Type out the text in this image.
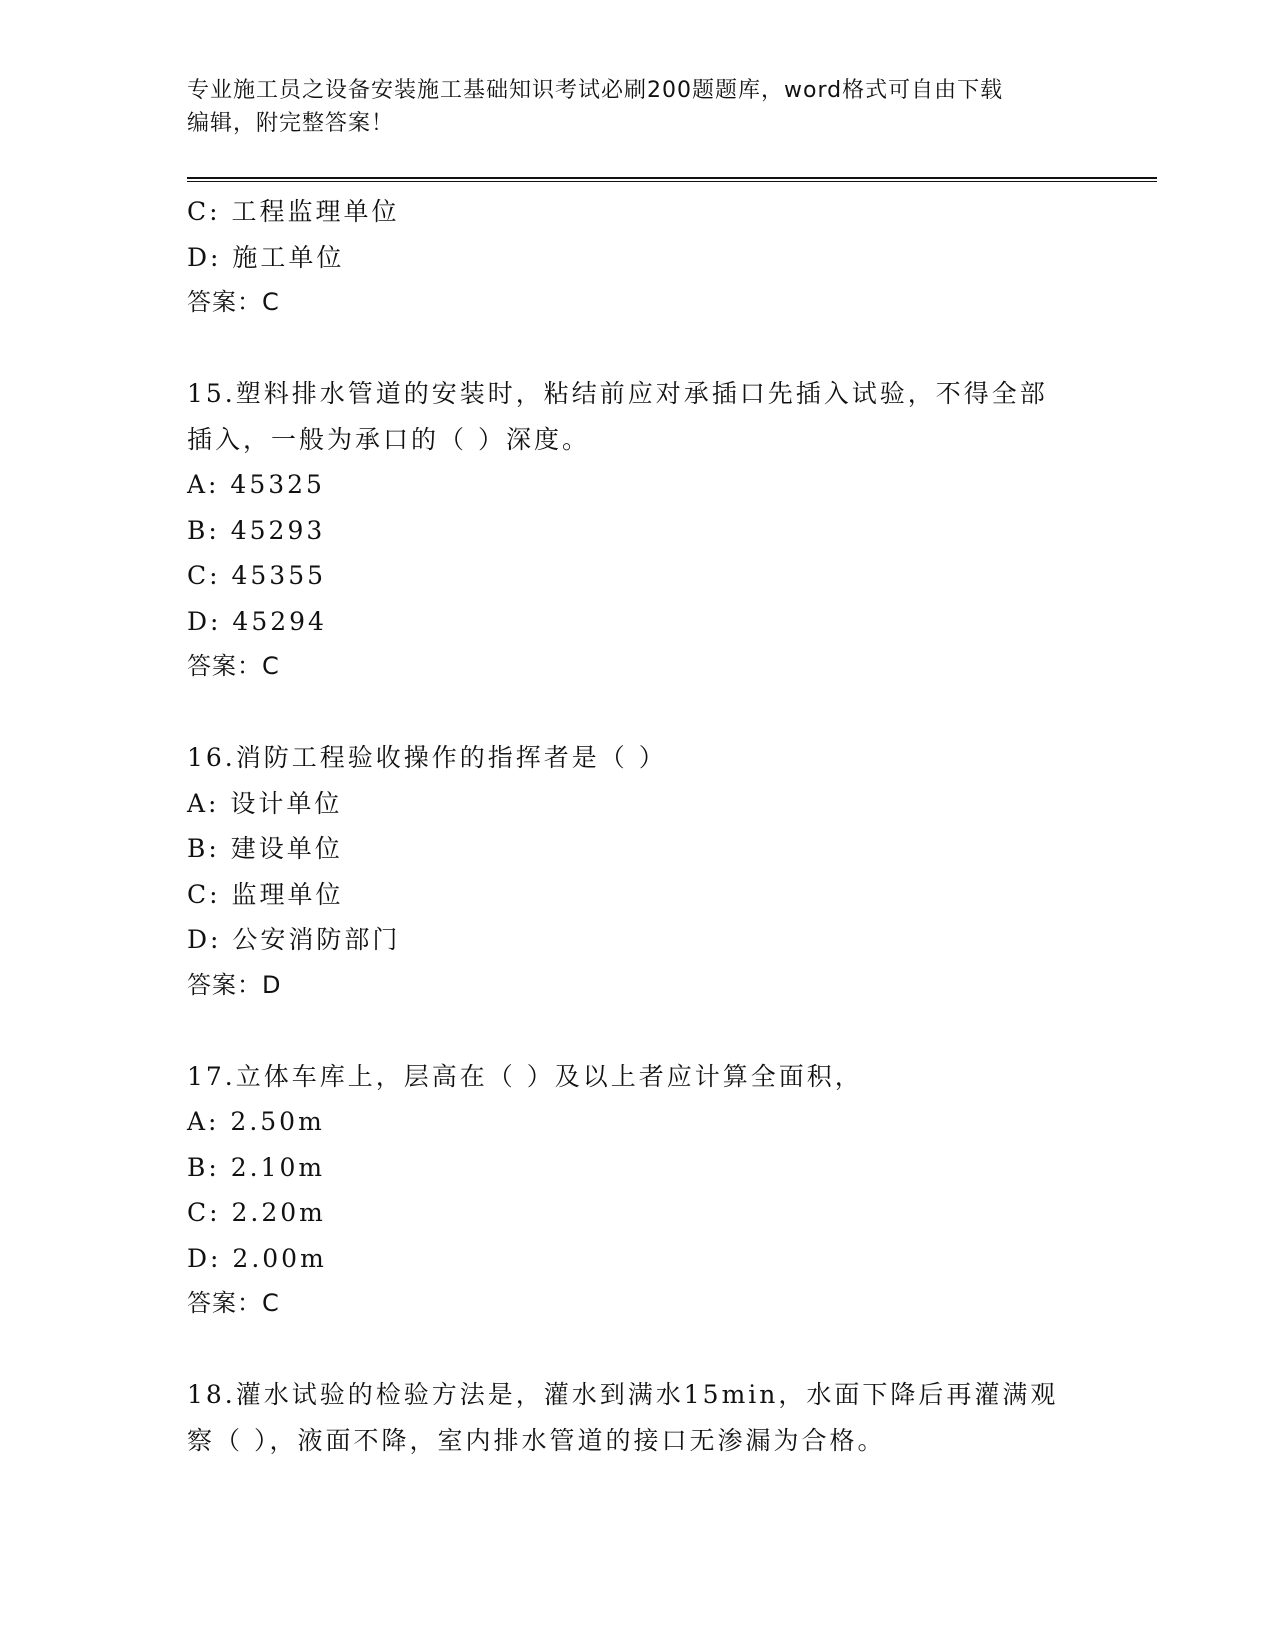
专业施工员之设备安装施工基础知识考试必刷200题题库，word格式可自由下载
编辑，附完整答案！
C: 工程监理单位
D: 施工单位
答案：C
15.塑料排水管道的安装时，粘结前应对承插口先插入试验，不得全部
插入，一般为承口的（ ）深度。
A: 45325
B: 45293
C: 45355
D: 45294
答案：C
16.消防工程验收操作的指挥者是（ ）
A: 设计单位
B: 建设单位
C: 监理单位
D: 公安消防部门
答案：D
17.立体车库上，层高在（ ）及以上者应计算全面积，
A: 2.50m
B: 2.10m
C: 2.20m
D: 2.00m
答案：C
18.灌水试验的检验方法是，灌水到满水15min，水面下降后再灌满观
察（ ），液面不降，室内排水管道的接口无渗漏为合格。
